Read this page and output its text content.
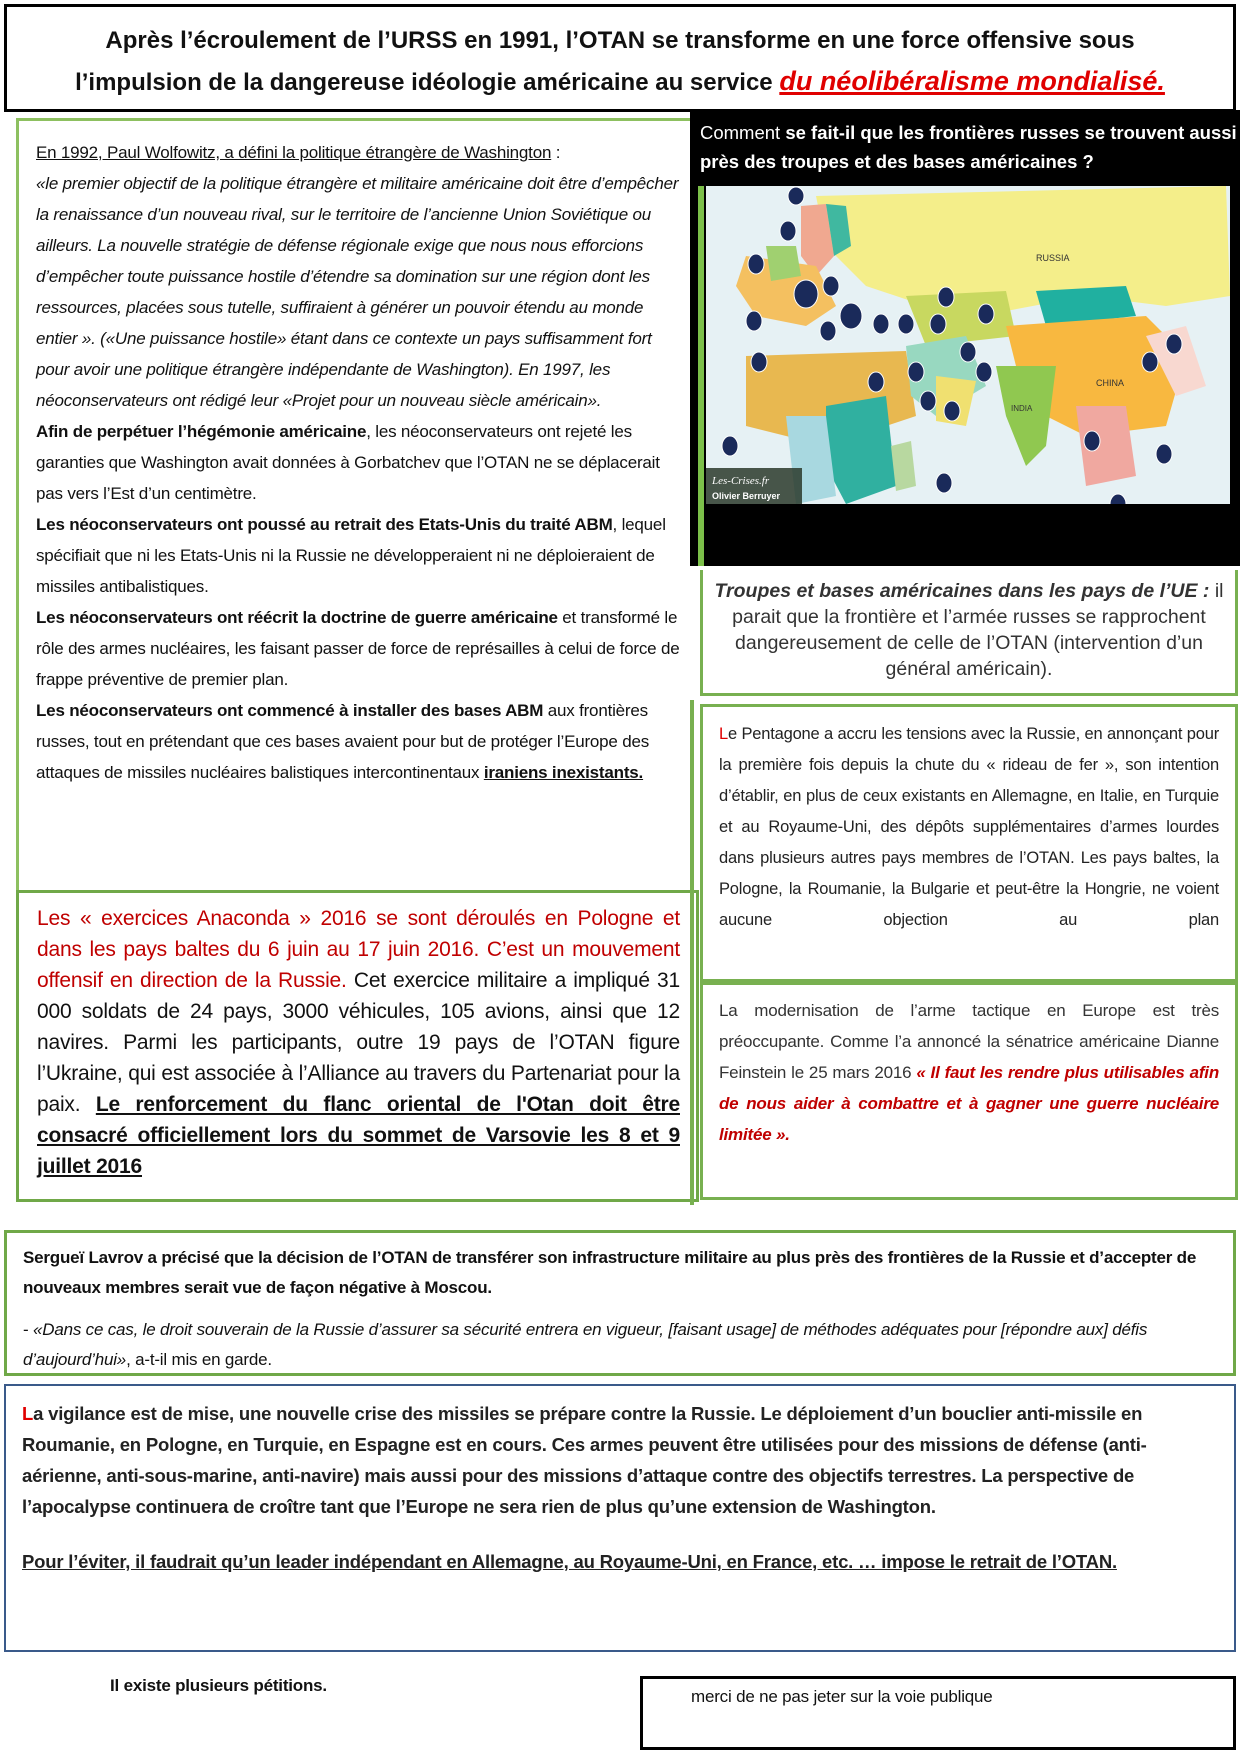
Après l’écroulement de l’URSS en 1991, l’OTAN se transforme en une force offensive sous
l’impulsion de la dangereuse idéologie américaine au service du néolibéralisme mondialisé.

En 1992, Paul Wolfowitz, a défini la politique étrangère de Washington :
«le premier objectif de la politique étrangère et militaire américaine doit être d’empêcher la renaissance d’un nouveau rival, sur le territoire de l’ancienne Union Soviétique ou ailleurs. La nouvelle stratégie de défense régionale exige que nous nous efforcions d’empêcher toute puissance hostile d’étendre sa domination sur une région dont les ressources, placées sous tutelle, suffiraient à générer un pouvoir étendu au monde entier ». («Une puissance hostile» étant dans ce contexte un pays suffisamment fort pour avoir une politique étrangère indépendante de Washington). En 1997, les néoconservateurs ont rédigé leur «Projet pour un nouveau siècle américain».

Afin de perpétuer l’hégémonie américaine, les néoconservateurs ont rejeté les garanties que Washington avait données à Gorbatchev que l’OTAN ne se déplacerait pas vers l’Est d’un centimètre.

Les néoconservateurs ont poussé au retrait des Etats-Unis du traité ABM, lequel spécifiait que ni les Etats-Unis ni la Russie ne développeraient ni ne déploieraient de missiles antibalistiques.

Les néoconservateurs ont réécrit la doctrine de guerre américaine et transformé le rôle des armes nucléaires, les faisant passer de force de représailles à celui de force de frappe préventive de premier plan.

Les néoconservateurs ont commencé à installer des bases ABM aux frontières russes, tout en prétendant que ces bases avaient pour but de protéger l’Europe des attaques de missiles nucléaires balistiques intercontinentaux iraniens inexistants.

Les « exercices Anaconda » 2016 se sont déroulés en Pologne et dans les pays baltes du 6 juin au 17 juin 2016. C’est un mouvement offensif en direction de la Russie. Cet exercice militaire a impliqué 31 000 soldats de 24 pays, 3000 véhicules, 105 avions, ainsi que 12 navires. Parmi les participants, outre 19 pays de l’OTAN figure l’Ukraine, qui est associée à l’Alliance au travers du Partenariat pour la paix. Le renforcement du flanc oriental de l'Otan doit être consacré officiellement lors du sommet de Varsovie les 8 et 9 juillet 2016
Comment se fait-il que les frontières russes se trouvent aussi près des troupes et des bases américaines ?
RUSSIA
CHINA
INDIA
Les-Crises.fr
Olivier Berruyer
Troupes et bases américaines dans les pays de l’UE : il parait que la frontière et l’armée russes se rapprochent dangereusement de celle de l’OTAN (intervention d’un général américain).
Le Pentagone a accru les tensions avec la Russie, en annonçant pour la première fois depuis la chute du « rideau de fer », son intention d’établir, en plus de ceux existants en Allemagne, en Italie, en Turquie et au Royaume-Uni, des dépôts supplémentaires d’armes lourdes dans plusieurs autres pays membres de l’OTAN. Les pays baltes, la Pologne, la Roumanie, la Bulgarie et peut-être la Hongrie, ne voient aucune objection au plan
La modernisation de l’arme tactique en Europe est très préoccupante. Comme l’a annoncé la sénatrice américaine Dianne Feinstein le 25 mars 2016 « Il faut les rendre plus utilisables afin de nous aider à combattre et à gagner une guerre nucléaire limitée ».
Sergueï Lavrov a précisé que la décision de l’OTAN de transférer son infrastructure militaire au plus près des frontières de la Russie et d’accepter de nouveaux membres serait vue de façon négative à Moscou.
- «Dans ce cas, le droit souverain de la Russie d’assurer sa sécurité entrera en vigueur, [faisant usage] de méthodes adéquates pour [répondre aux] défis d’aujourd’hui», a-t-il mis en garde.
La vigilance est de mise, une nouvelle crise des missiles se prépare contre la Russie. Le déploiement d’un bouclier anti-missile en Roumanie, en Pologne, en Turquie, en Espagne est en cours. Ces armes peuvent être utilisées pour des missions de défense (anti-aérienne, anti-sous-marine, anti-navire) mais aussi pour des missions d’attaque contre des objectifs terrestres. La perspective de l’apocalypse continuera de croître tant que l’Europe ne sera rien de plus qu’une extension de Washington.
Pour l’éviter, il faudrait qu’un leader indépendant en Allemagne, au Royaume-Uni, en France, etc. … impose le retrait de l’OTAN.
Il existe plusieurs pétitions.
merci de ne pas jeter sur la voie publique
